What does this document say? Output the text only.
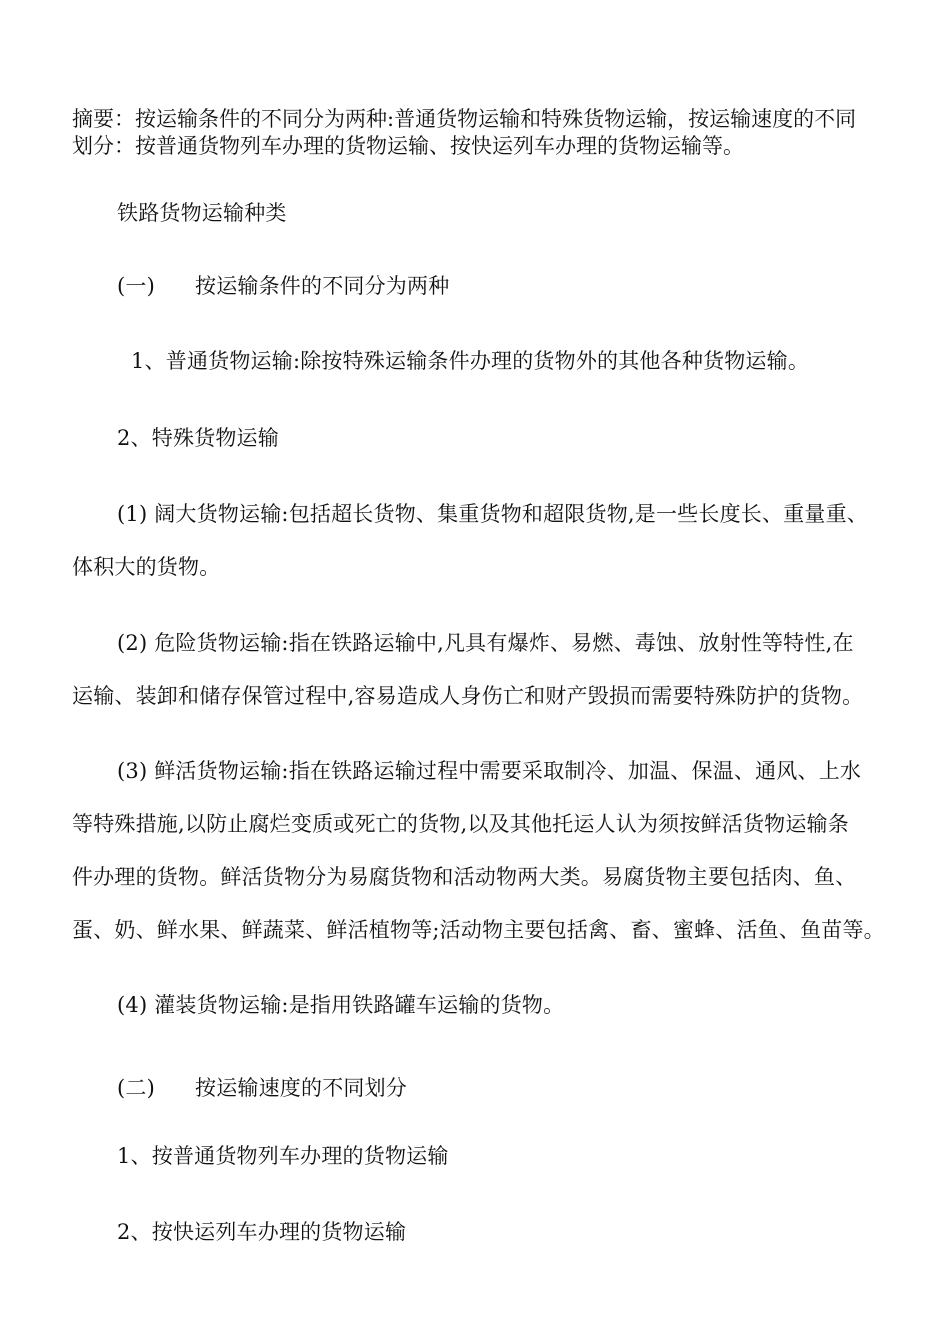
摘要：按运输条件的不同分为两种:普通货物运输和特殊货物运输，按运输速度的不同
划分：按普通货物列车办理的货物运输、按快运列车办理的货物运输等。
铁路货物运输种类
(一) 按运输条件的不同分为两种
1、普通货物运输:除按特殊运输条件办理的货物外的其他各种货物运输。
2、特殊货物运输
(1) 阔大货物运输:包括超长货物、集重货物和超限货物,是一些长度长、重量重、
体积大的货物。
(2) 危险货物运输:指在铁路运输中,凡具有爆炸、易燃、毒蚀、放射性等特性,在
运输、装卸和储存保管过程中,容易造成人身伤亡和财产毁损而需要特殊防护的货物。
(3) 鲜活货物运输:指在铁路运输过程中需要采取制冷、加温、保温、通风、上水
等特殊措施,以防止腐烂变质或死亡的货物,以及其他托运人认为须按鲜活货物运输条
件办理的货物。鲜活货物分为易腐货物和活动物两大类。易腐货物主要包括肉、鱼、
蛋、奶、鲜水果、鲜蔬菜、鲜活植物等;活动物主要包括禽、畜、蜜蜂、活鱼、鱼苗等。
(4) 灌装货物运输:是指用铁路罐车运输的货物。
(二) 按运输速度的不同划分
1、按普通货物列车办理的货物运输
2、按快运列车办理的货物运输
